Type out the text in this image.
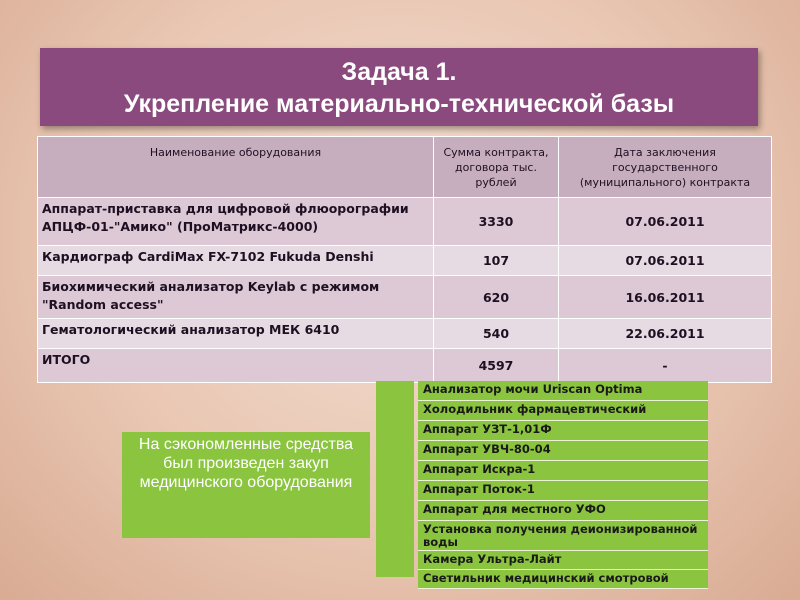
Задача 1.
Укрепление материально-технической базы
Наименование оборудования	Сумма контракта, договора тыс. рублей	Дата заключения государственного (муниципального) контракта
Аппарат-приставка для цифровой флюорографии АПЦФ-01-"Амико" (ПроМатрикс-4000)	3330	07.06.2011
Кардиограф CardiMax FX-7102 Fukuda Denshi	107	07.06.2011
Биохимический анализатор Keylab с режимом "Random access"	620	16.06.2011
Гематологический анализатор МЕК 6410	540	22.06.2011
ИТОГО	4597	-
На сэкономленные средства был произведен закуп медицинского оборудования
Анализатор мочи Uriscan Optima
Холодильник фармацевтический
Аппарат УЗТ-1,01Ф
Аппарат УВЧ-80-04
Аппарат Искра-1
Аппарат Поток-1
Аппарат для местного УФО
Установка получения деионизированной воды
Камера Ультра-Лайт
Светильник медицинский смотровой
